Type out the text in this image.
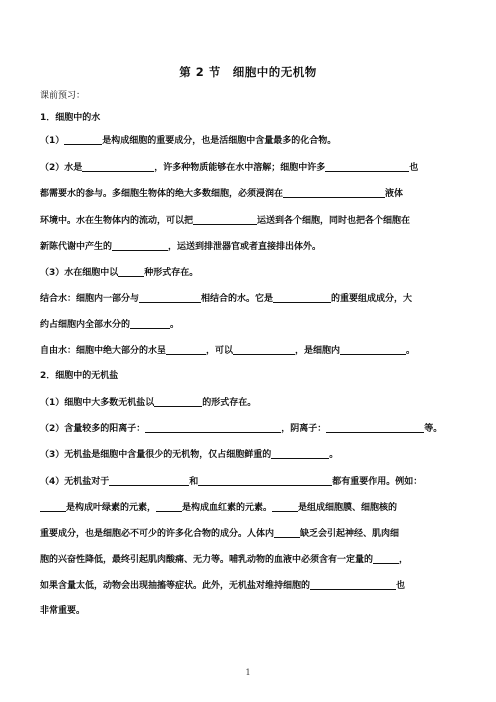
第 2 节　细胞中的无机物
课前预习：
1．细胞中的水
（1）	是构成细胞的重要成分，也是活细胞中含量最多的化合物。
（2）水是	，许多种物质能够在水中溶解；细胞中许多	也
都需要水的参与。多细胞生物体的绝大多数细胞，必须浸润在	液体
环境中。水在生物体内的流动，可以把	运送到各个细胞，同时也把各个细胞在
新陈代谢中产生的	，运送到排泄器官或者直接排出体外。
（3）水在细胞中以	种形式存在。
结合水：细胞内一部分与	相结合的水。它是	的重要组成成分，大
约占细胞内全部水分的	。
自由水：细胞中绝大部分的水呈	，可以	，是细胞内	。
2．细胞中的无机盐
（1）细胞中大多数无机盐以	的形式存在。
（2）含量较多的阳离子：	，阴离子：	等。
（3）无机盐是细胞中含量很少的无机物，仅占细胞鲜重的	。
（4）无机盐对于	和	都有重要作用。例如：
是构成叶绿素的元素，	是构成血红素的元素。	是组成细胞膜、细胞核的
重要成分，也是细胞必不可少的许多化合物的成分。人体内	缺乏会引起神经、肌肉细
胞的兴奋性降低，最终引起肌肉酸痛、无力等。哺乳动物的血液中必须含有一定量的	，
如果含量太低，动物会出现抽搐等症状。此外，无机盐对维持细胞的	也
非常重要。
1
